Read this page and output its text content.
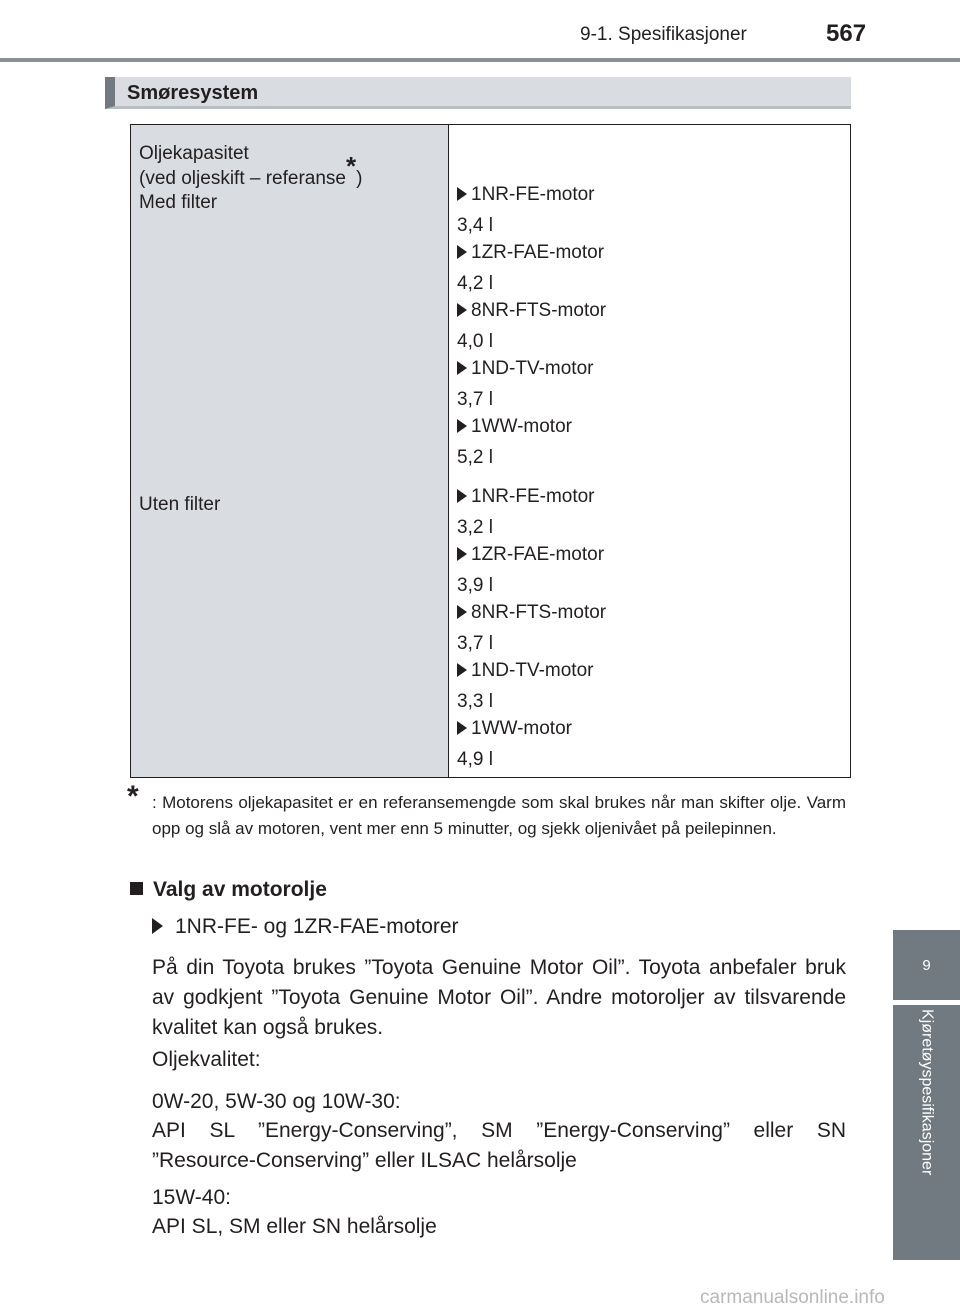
9-1. Spesifikasjoner	567
9
Kjøretøyspesifikasjoner
Smøresystem
Oljekapasitet
(ved oljeskift – referanse*)
Med filter
Uten filter
1NR-FE-motor
3,4 l
1ZR-FAE-motor
4,2 l
8NR-FTS-motor
4,0 l
1ND-TV-motor
3,7 l
1WW-motor
5,2 l
1NR-FE-motor
3,2 l
1ZR-FAE-motor
3,9 l
8NR-FTS-motor
3,7 l
1ND-TV-motor
3,3 l
1WW-motor
4,9 l
* : Motorens oljekapasitet er en referansemengde som skal brukes når man skifter olje. Varm opp og slå av motoren, vent mer enn 5 minutter, og sjekk oljenivået på peilepinnen.
Valg av motorolje
1NR-FE- og 1ZR-FAE-motorer
På din Toyota brukes ”Toyota Genuine Motor Oil”. Toyota anbefaler bruk av godkjent ”Toyota Genuine Motor Oil”. Andre motoroljer av tilsvarende kvalitet kan også brukes.
Oljekvalitet:
0W-20, 5W-30 og 10W-30:
API SL ”Energy-Conserving”, SM ”Energy-Conserving” eller SN ”Resource-Conserving” eller ILSAC helårsolje
15W-40:
API SL, SM eller SN helårsolje
carmanualsonline.info
